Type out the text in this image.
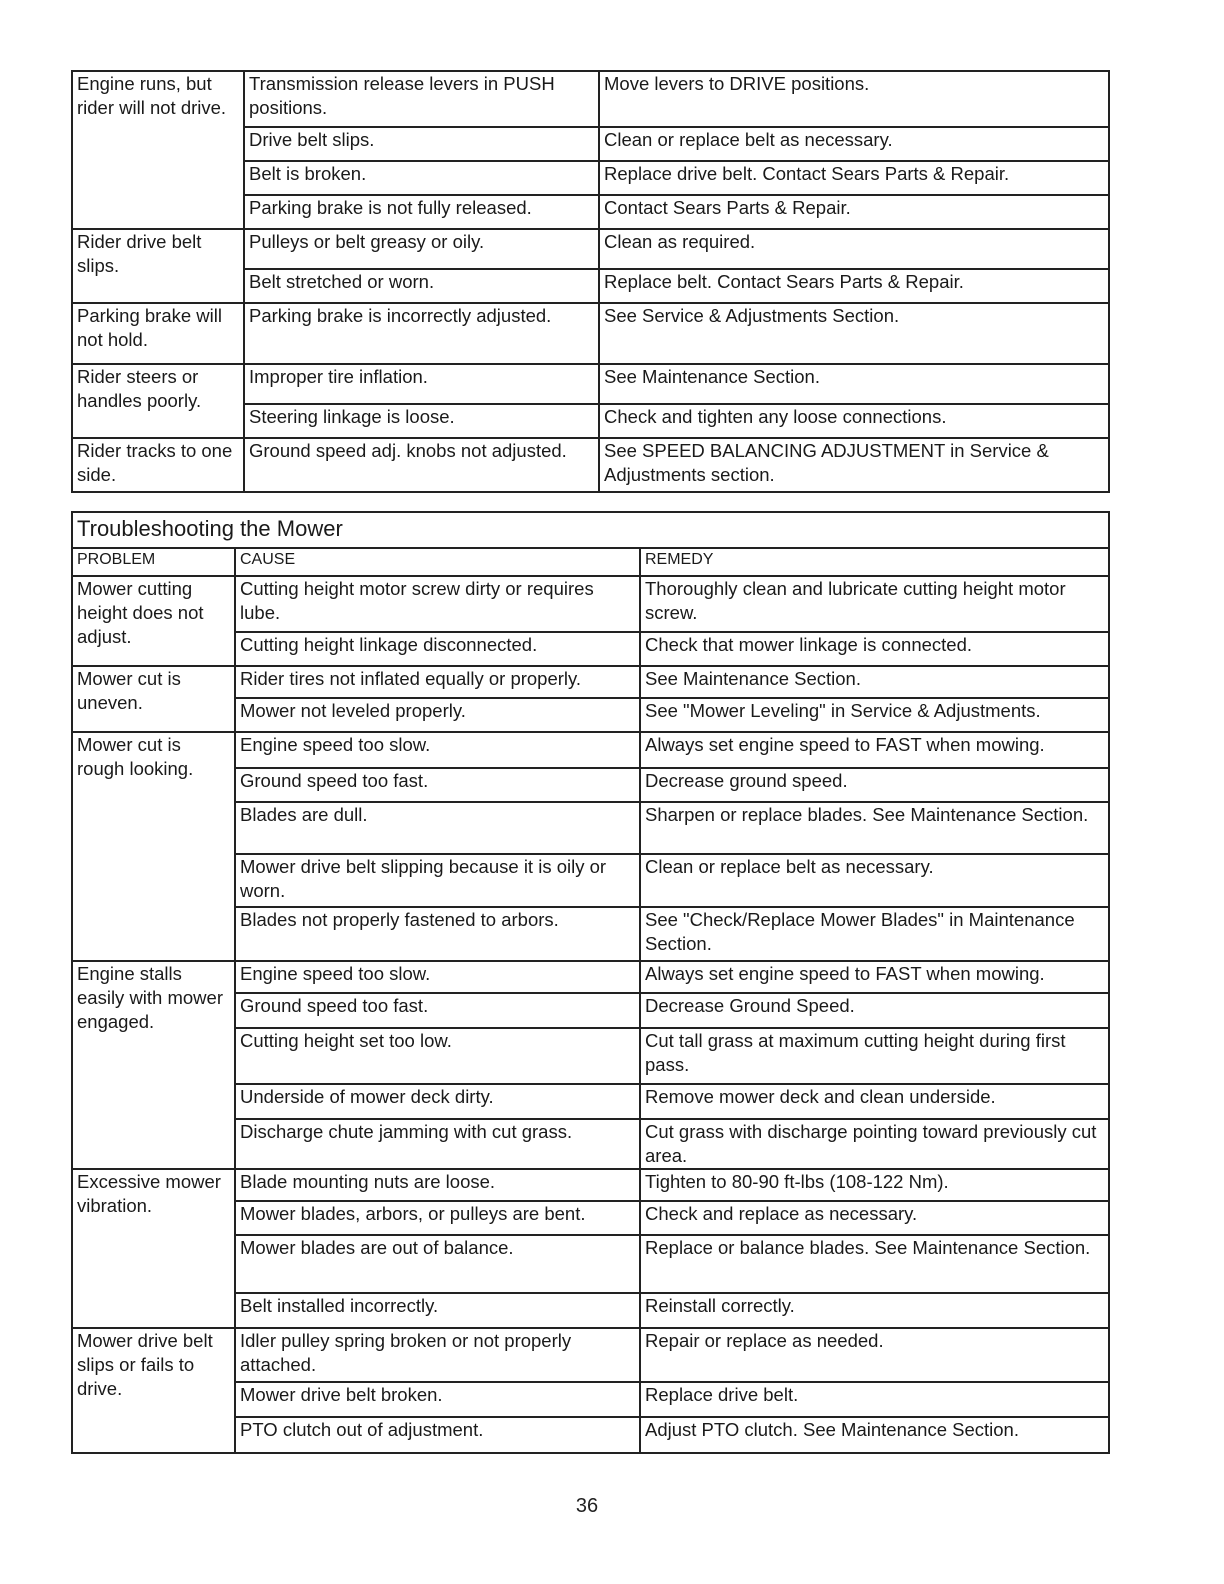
Engine runs, but rider will not drive.	Transmission release levers in PUSH positions.	Move levers to DRIVE positions.
	Drive belt slips.	Clean or replace belt as necessary.
	Belt is broken.	Replace drive belt. Contact Sears Parts & Repair.
	Parking brake is not fully released.	Contact Sears Parts & Repair.
Rider drive belt slips.	Pulleys or belt greasy or oily.	Clean as required.
	Belt stretched or worn.	Replace belt. Contact Sears Parts & Repair.
Parking brake will not hold.	Parking brake is incorrectly adjusted.	See Service & Adjustments Section.
Rider steers or handles poorly.	Improper tire inflation.	See Maintenance Section.
	Steering linkage is loose.	Check and tighten any loose connections.
Rider tracks to one side.	Ground speed adj. knobs not adjusted.	See SPEED BALANCING ADJUSTMENT in Service & Adjustments section.
Troubleshooting the Mower		
PROBLEM	CAUSE	REMEDY
Mower cutting height does not adjust.	Cutting height motor screw dirty or requires lube.	Thoroughly clean and lubricate cutting height motor screw.
	Cutting height linkage disconnected.	Check that mower linkage is connected.
Mower cut is uneven.	Rider tires not inflated equally or properly.	See Maintenance Section.
	Mower not leveled properly.	See "Mower Leveling" in Service & Adjustments.
Mower cut is rough looking.	Engine speed too slow.	Always set engine speed to FAST when mowing.
	Ground speed too fast.	Decrease ground speed.
	Blades are dull.	Sharpen or replace blades. See Maintenance Section.
	Mower drive belt slipping because it is oily or worn.	Clean or replace belt as necessary.
	Blades not properly fastened to arbors.	See "Check/Replace Mower Blades" in Maintenance Section.
Engine stalls easily with mower engaged.	Engine speed too slow.	Always set engine speed to FAST when mowing.
	Ground speed too fast.	Decrease Ground Speed.
	Cutting height set too low.	Cut tall grass at maximum cutting height during first pass.
	Underside of mower deck dirty.	Remove mower deck and clean underside.
	Discharge chute jamming with cut grass.	Cut grass with discharge pointing toward previously cut area.
Excessive mower vibration.	Blade mounting nuts are loose.	Tighten to 80-90 ft-lbs (108-122 Nm).
	Mower blades, arbors, or pulleys are bent.	Check and replace as necessary.
	Mower blades are out of balance.	Replace or balance blades. See Maintenance Section.
	Belt installed incorrectly.	Reinstall correctly.
Mower drive belt slips or fails to drive.	Idler pulley spring broken or not properly attached.	Repair or replace as needed.
	Mower drive belt broken.	Replace drive belt.
	PTO clutch out of adjustment.	Adjust PTO clutch. See Maintenance Section.
36
